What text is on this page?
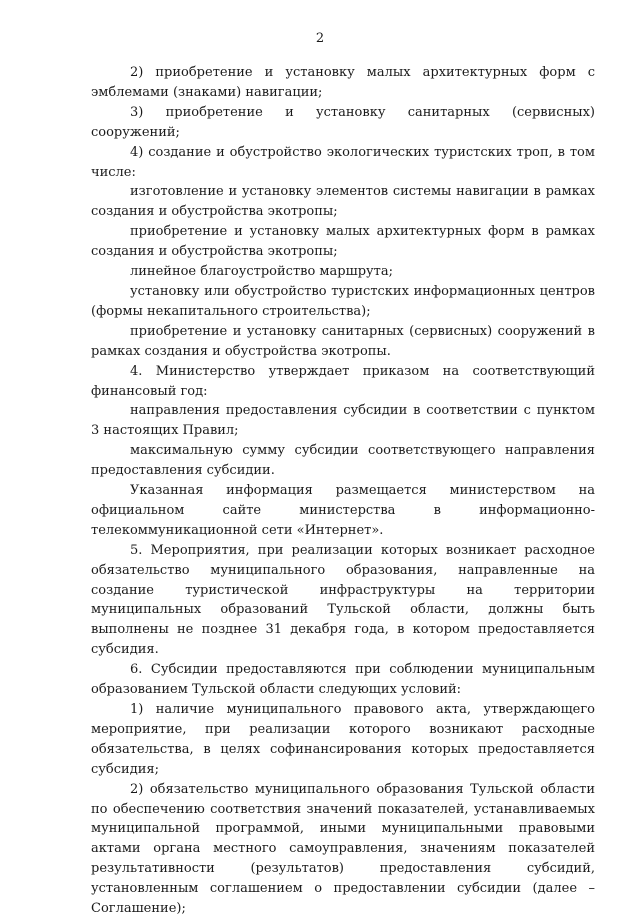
2

2) приобретение и установку малых архитектурных форм с эмблемами (знаками) навигации;

3) приобретение и установку санитарных (сервисных) сооружений;

4) создание и обустройство экологических туристских троп, в том числе:

изготовление и установку элементов системы навигации в рамках создания и обустройства экотропы;

приобретение и установку малых архитектурных форм в рамках создания и обустройства экотропы;

линейное благоустройство маршрута;

установку или обустройство туристских информационных центров (формы некапитального строительства);

приобретение и установку санитарных (сервисных) сооружений в рамках создания и обустройства экотропы.

4. Министерство утверждает приказом на соответствующий финансовый год:

направления предоставления субсидии в соответствии с пунктом 3 настоящих Правил;

максимальную сумму субсидии соответствующего направления предоставления субсидии.

Указанная информация размещается министерством на официальном сайте министерства в информационно-телекоммуникационной сети «Интернет».

5. Мероприятия, при реализации которых возникает расходное обязательство муниципального образования, направленные на создание туристической инфраструктуры на территории муниципальных образований Тульской области, должны быть выполнены не позднее 31 декабря года, в котором предоставляется субсидия.

6. Субсидии предоставляются при соблюдении муниципальным образованием Тульской области следующих условий:

1) наличие муниципального правового акта, утверждающего мероприятие, при реализации которого возникают расходные обязательства, в целях софинансирования которых предоставляется субсидия;

2) обязательство муниципального образования Тульской области по обеспечению соответствия значений показателей, устанавливаемых муниципальной программой, иными муниципальными правовыми актами органа местного самоуправления, значениям показателей результативности (результатов) предоставления субсидий, установленным соглашением о предоставлении субсидии (далее – Соглашение);
